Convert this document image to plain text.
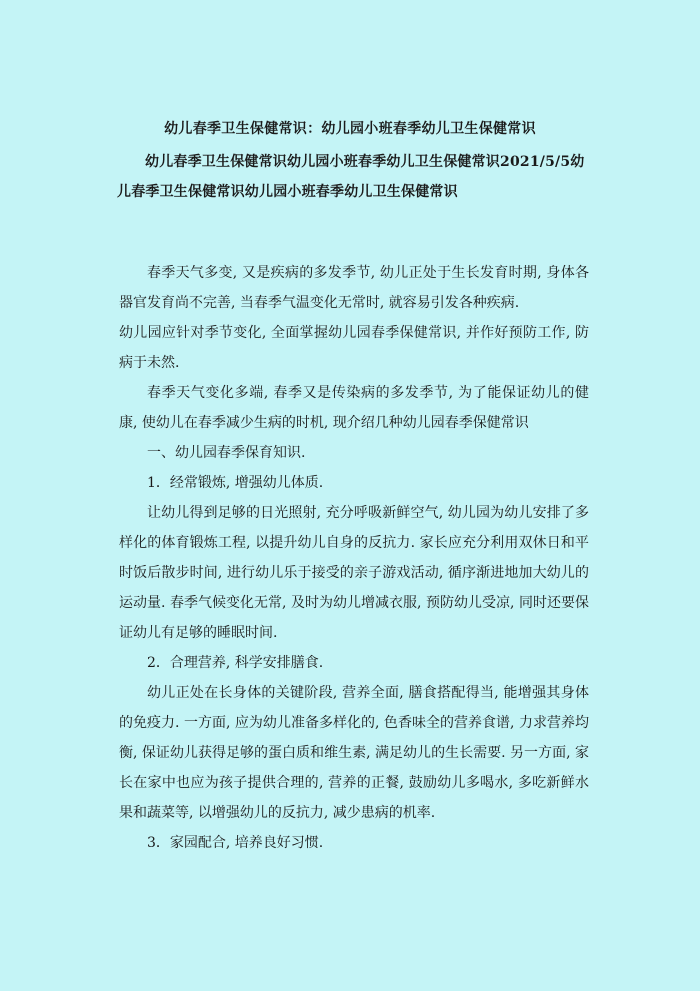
幼儿春季卫生保健常识：幼儿园小班春季幼儿卫生保健常识
幼儿春季卫生保健常识幼儿园小班春季幼儿卫生保健常识2021/5/5幼儿春季卫生保健常识幼儿园小班春季幼儿卫生保健常识

春季天气多变, 又是疾病的多发季节, 幼儿正处于生长发育时期, 身体各器官发育尚不完善, 当春季气温变化无常时, 就容易引发各种疾病.

幼儿园应针对季节变化, 全面掌握幼儿园春季保健常识, 并作好预防工作, 防病于未然.

春季天气变化多端, 春季又是传染病的多发季节, 为了能保证幼儿的健康, 使幼儿在春季减少生病的时机, 现介绍几种幼儿园春季保健常识

一、幼儿园春季保育知识.

1．经常锻炼, 增强幼儿体质.

让幼儿得到足够的日光照射, 充分呼吸新鲜空气, 幼儿园为幼儿安排了多样化的体育锻炼工程, 以提升幼儿自身的反抗力. 家长应充分利用双休日和平时饭后散步时间, 进行幼儿乐于接受的亲子游戏活动, 循序渐进地加大幼儿的运动量. 春季气候变化无常, 及时为幼儿增减衣服, 预防幼儿受凉, 同时还要保证幼儿有足够的睡眠时间.

2．合理营养, 科学安排膳食.

幼儿正处在长身体的关键阶段, 营养全面, 膳食搭配得当, 能增强其身体的免疫力. 一方面, 应为幼儿准备多样化的, 色香味全的营养食谱, 力求营养均衡, 保证幼儿获得足够的蛋白质和维生素, 满足幼儿的生长需要. 另一方面, 家长在家中也应为孩子提供合理的, 营养的正餐, 鼓励幼儿多喝水, 多吃新鲜水果和蔬菜等, 以增强幼儿的反抗力, 减少患病的机率.

3．家园配合, 培养良好习惯.
